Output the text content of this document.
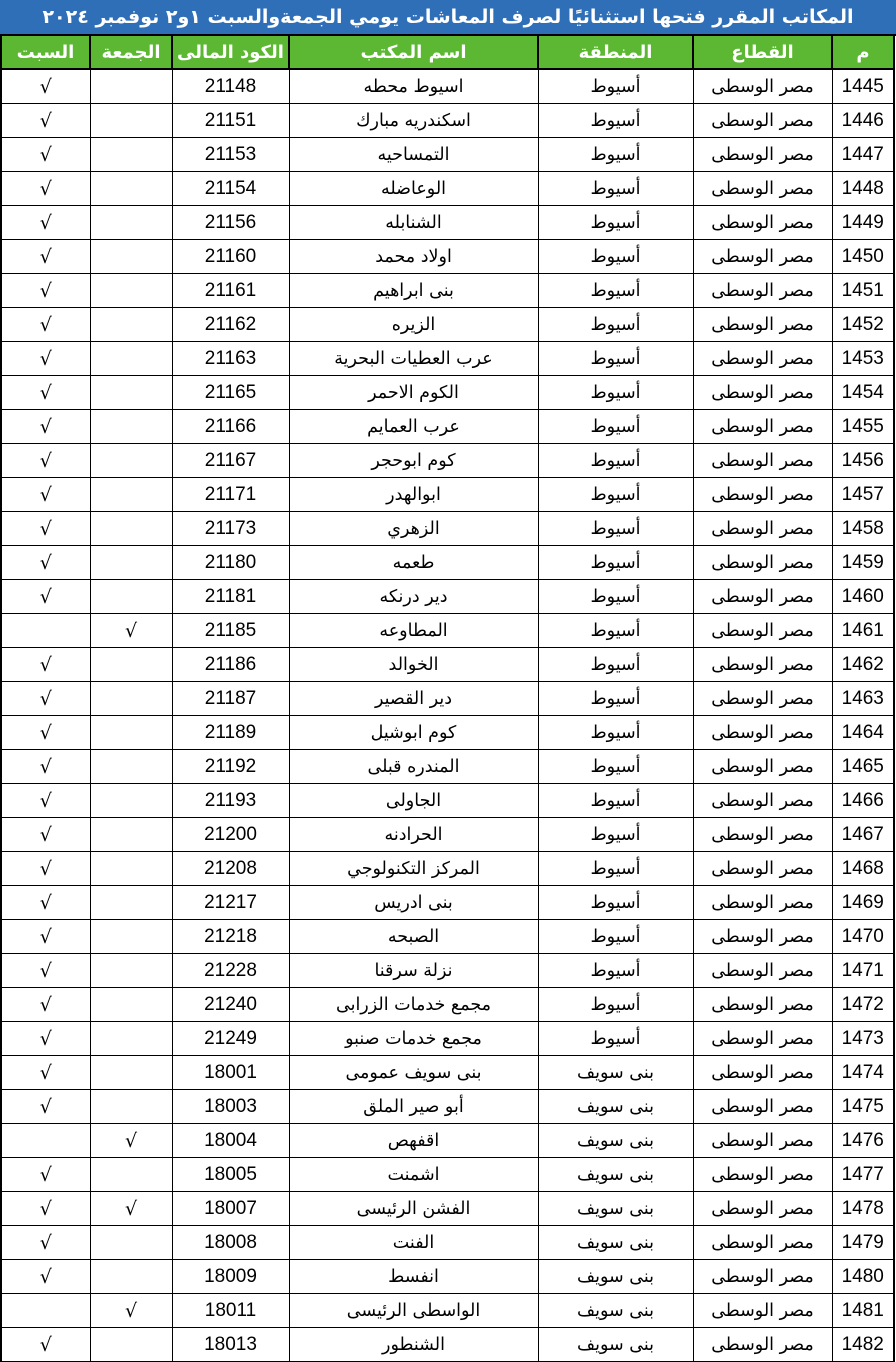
المكاتب المقرر فتحها استثنائيًا لصرف المعاشات يومي الجمعةوالسبت ١و٢ نوفمبر ٢٠٢٤
م	القطاع	المنطقة	اسم المكتب	الكود المالى	الجمعة	السبت
1445	مصر الوسطى	أسيوط	اسيوط محطه	21148		√
1446	مصر الوسطى	أسيوط	اسكندريه مبارك	21151		√
1447	مصر الوسطى	أسيوط	التمساحيه	21153		√
1448	مصر الوسطى	أسيوط	الوعاضله	21154		√
1449	مصر الوسطى	أسيوط	الشنابله	21156		√
1450	مصر الوسطى	أسيوط	اولاد محمد	21160		√
1451	مصر الوسطى	أسيوط	بنى ابراهيم	21161		√
1452	مصر الوسطى	أسيوط	الزيره	21162		√
1453	مصر الوسطى	أسيوط	عرب العطيات البحرية	21163		√
1454	مصر الوسطى	أسيوط	الكوم الاحمر	21165		√
1455	مصر الوسطى	أسيوط	عرب العمايم	21166		√
1456	مصر الوسطى	أسيوط	كوم ابوحجر	21167		√
1457	مصر الوسطى	أسيوط	ابوالهدر	21171		√
1458	مصر الوسطى	أسيوط	الزهري	21173		√
1459	مصر الوسطى	أسيوط	طعمه	21180		√
1460	مصر الوسطى	أسيوط	دير درنكه	21181		√
1461	مصر الوسطى	أسيوط	المطاوعه	21185	√	
1462	مصر الوسطى	أسيوط	الخوالد	21186		√
1463	مصر الوسطى	أسيوط	دير القصير	21187		√
1464	مصر الوسطى	أسيوط	كوم ابوشيل	21189		√
1465	مصر الوسطى	أسيوط	المندره قبلى	21192		√
1466	مصر الوسطى	أسيوط	الجاولى	21193		√
1467	مصر الوسطى	أسيوط	الحرادنه	21200		√
1468	مصر الوسطى	أسيوط	المركز التكنولوجي	21208		√
1469	مصر الوسطى	أسيوط	بنى ادريس	21217		√
1470	مصر الوسطى	أسيوط	الصبحه	21218		√
1471	مصر الوسطى	أسيوط	نزلة سرقنا	21228		√
1472	مصر الوسطى	أسيوط	مجمع خدمات الزرابى	21240		√
1473	مصر الوسطى	أسيوط	مجمع خدمات صنبو	21249		√
1474	مصر الوسطى	بنى سويف	بنى سويف عمومى	18001		√
1475	مصر الوسطى	بنى سويف	أبو صير الملق	18003		√
1476	مصر الوسطى	بنى سويف	اقفهص	18004	√	
1477	مصر الوسطى	بنى سويف	اشمنت	18005		√
1478	مصر الوسطى	بنى سويف	الفشن الرئيسى	18007	√	√
1479	مصر الوسطى	بنى سويف	الفنت	18008		√
1480	مصر الوسطى	بنى سويف	انفسط	18009		√
1481	مصر الوسطى	بنى سويف	الواسطى الرئيسى	18011	√	
1482	مصر الوسطى	بنى سويف	الشنطور	18013		√
